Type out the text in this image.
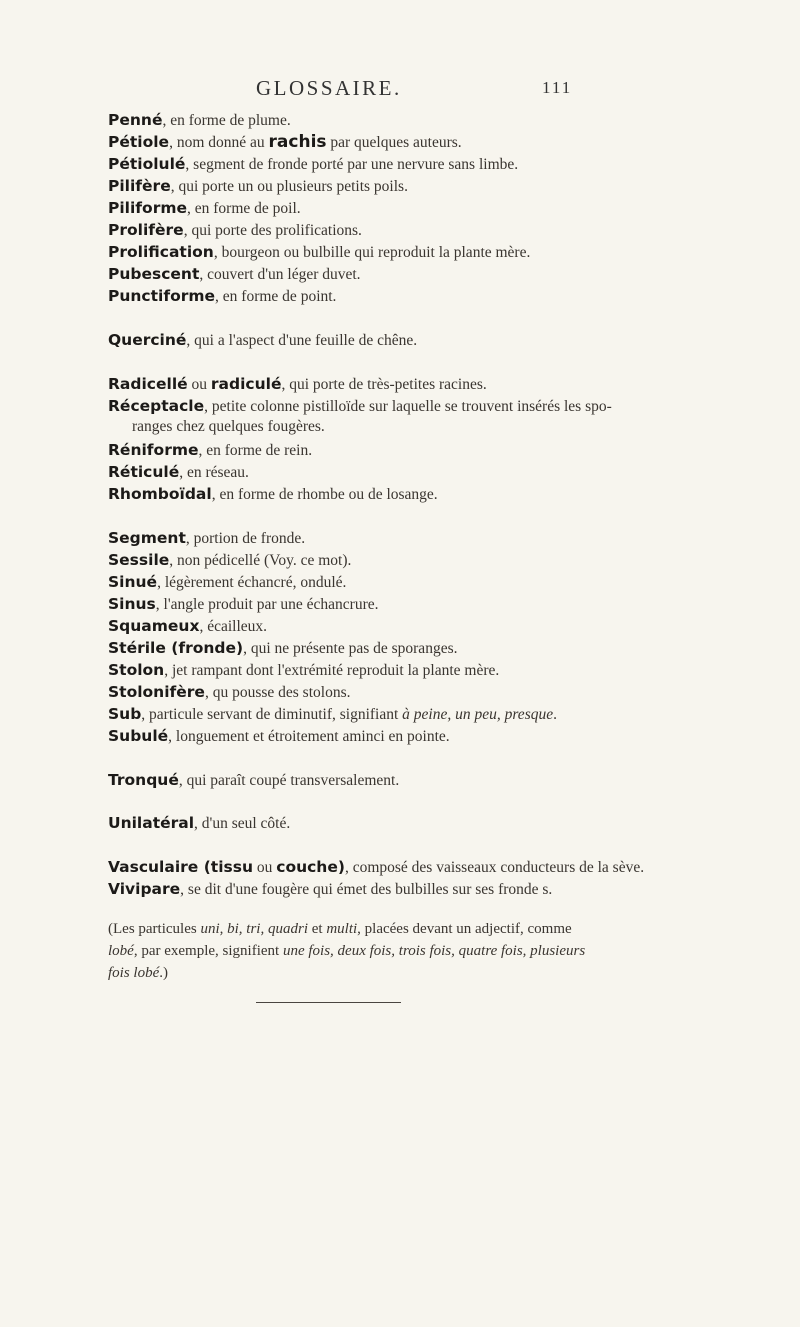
GLOSSAIRE.	111
Penné, en forme de plume.
Pétiole, nom donné au rachis par quelques auteurs.
Pétiolulé, segment de fronde porté par une nervure sans limbe.
Pilifère, qui porte un ou plusieurs petits poils.
Piliforme, en forme de poil.
Prolifère, qui porte des prolifications.
Prolification, bourgeon ou bulbille qui reproduit la plante mère.
Pubescent, couvert d'un léger duvet.
Punctiforme, en forme de point.
Querciné, qui a l'aspect d'une feuille de chêne.
Radicellé ou radiculé, qui porte de très-petites racines.
Réceptacle, petite colonne pistilloïde sur laquelle se trouvent insérés les spo-
ranges chez quelques fougères.
Réniforme, en forme de rein.
Réticulé, en réseau.
Rhomboïdal, en forme de rhombe ou de losange.
Segment, portion de fronde.
Sessile, non pédicellé (Voy. ce mot).
Sinué, légèrement échancré, ondulé.
Sinus, l'angle produit par une échancrure.
Squameux, écailleux.
Stérile (fronde), qui ne présente pas de sporanges.
Stolon, jet rampant dont l'extrémité reproduit la plante mère.
Stolonifère, qu pousse des stolons.
Sub, particule servant de diminutif, signifiant à peine, un peu, presque.
Subulé, longuement et étroitement aminci en pointe.
Tronqué, qui paraît coupé transversalement.
Unilatéral, d'un seul côté.
Vasculaire (tissu ou couche), composé des vaisseaux conducteurs de la sève.
Vivipare, se dit d'une fougère qui émet des bulbilles sur ses fronde s.
(Les particules uni, bi, tri, quadri et multi, placées devant un adjectif, comme
lobé, par exemple, signifient une fois, deux fois, trois fois, quatre fois, plusieurs
fois lobé.)
